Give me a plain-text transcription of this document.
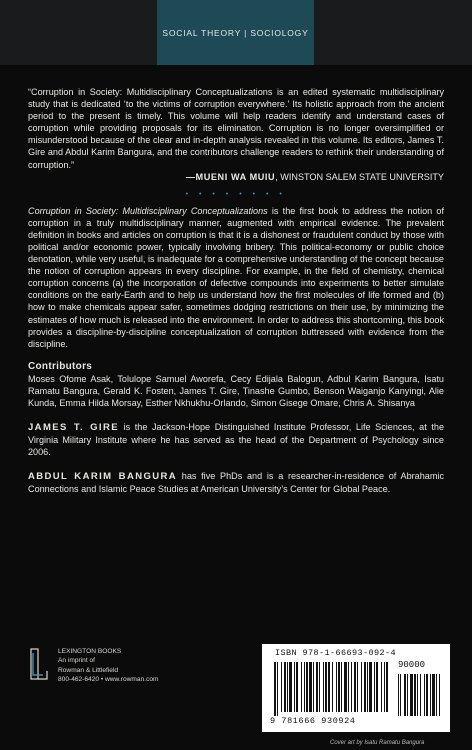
SOCIAL THEORY | SOCIOLOGY
“Corruption in Society: Multidisciplinary Conceptualizations is an edited systematic multidisciplinary study that is dedicated ‘to the victims of corruption everywhere.’ Its holistic approach from the ancient period to the present is timely. This volume will help readers identify and understand cases of corruption while providing proposals for its elimination. Corruption is no longer oversimplified or misunderstood because of the clear and in-depth analysis revealed in this volume. Its editors, James T. Gire and Abdul Karim Bangura, and the contributors challenge readers to rethink their understanding of corruption.”
—MUENI WA MUIU, WINSTON SALEM STATE UNIVERSITY
• • • • • • • •
Corruption in Society: Multidisciplinary Conceptualizations is the first book to address the notion of corruption in a truly multidisciplinary manner, augmented with empirical evidence. The prevalent definition in books and articles on corruption is that it is a dishonest or fraudulent conduct by those with political and/or economic power, typically involving bribery. This political-economy or public choice denotation, while very useful, is inadequate for a comprehensive understanding of the concept because the notion of corruption appears in every discipline. For example, in the field of chemistry, chemical corruption concerns (a) the incorporation of defective compounds into experiments to better simulate conditions on the early-Earth and to help us understand how the first molecules of life formed and (b) how to make chemicals appear safer, sometimes dodging restrictions on their use, by minimizing the estimates of how much is released into the environment. In order to address this shortcoming, this book provides a discipline-by-discipline conceptualization of corruption buttressed with evidence from the discipline.
Contributors
Moses Ofome Asak, Tolulope Samuel Aworefa, Cecy Edijala Balogun, Adbul Karim Bangura, Isatu Ramatu Bangura, Gerald K. Fosten, James T. Gire, Tinashe Gumbo, Benson Waiganjo Kanyingi, Alie Kunda, Emma Hilda Morsay, Esther Nkhukhu-Orlando, Simon Gisege Omare, Chris A. Shisanya
JAMES T. GIRE is the Jackson-Hope Distinguished Institute Professor, Life Sciences, at the Virginia Military Institute where he has served as the head of the Department of Psychology since 2006.
ABDUL KARIM BANGURA has five PhDs and is a researcher-in-residence of Abrahamic Connections and Islamic Peace Studies at American University’s Center for Global Peace.
LEXINGTON BOOKS
An imprint of
Rowman & Littlefield
800-462-6420 • www.rowman.com
ISBN 978-1-66693-092-4
90000
9 781666 930924
Cover art by Isatu Ramatu Bangura
